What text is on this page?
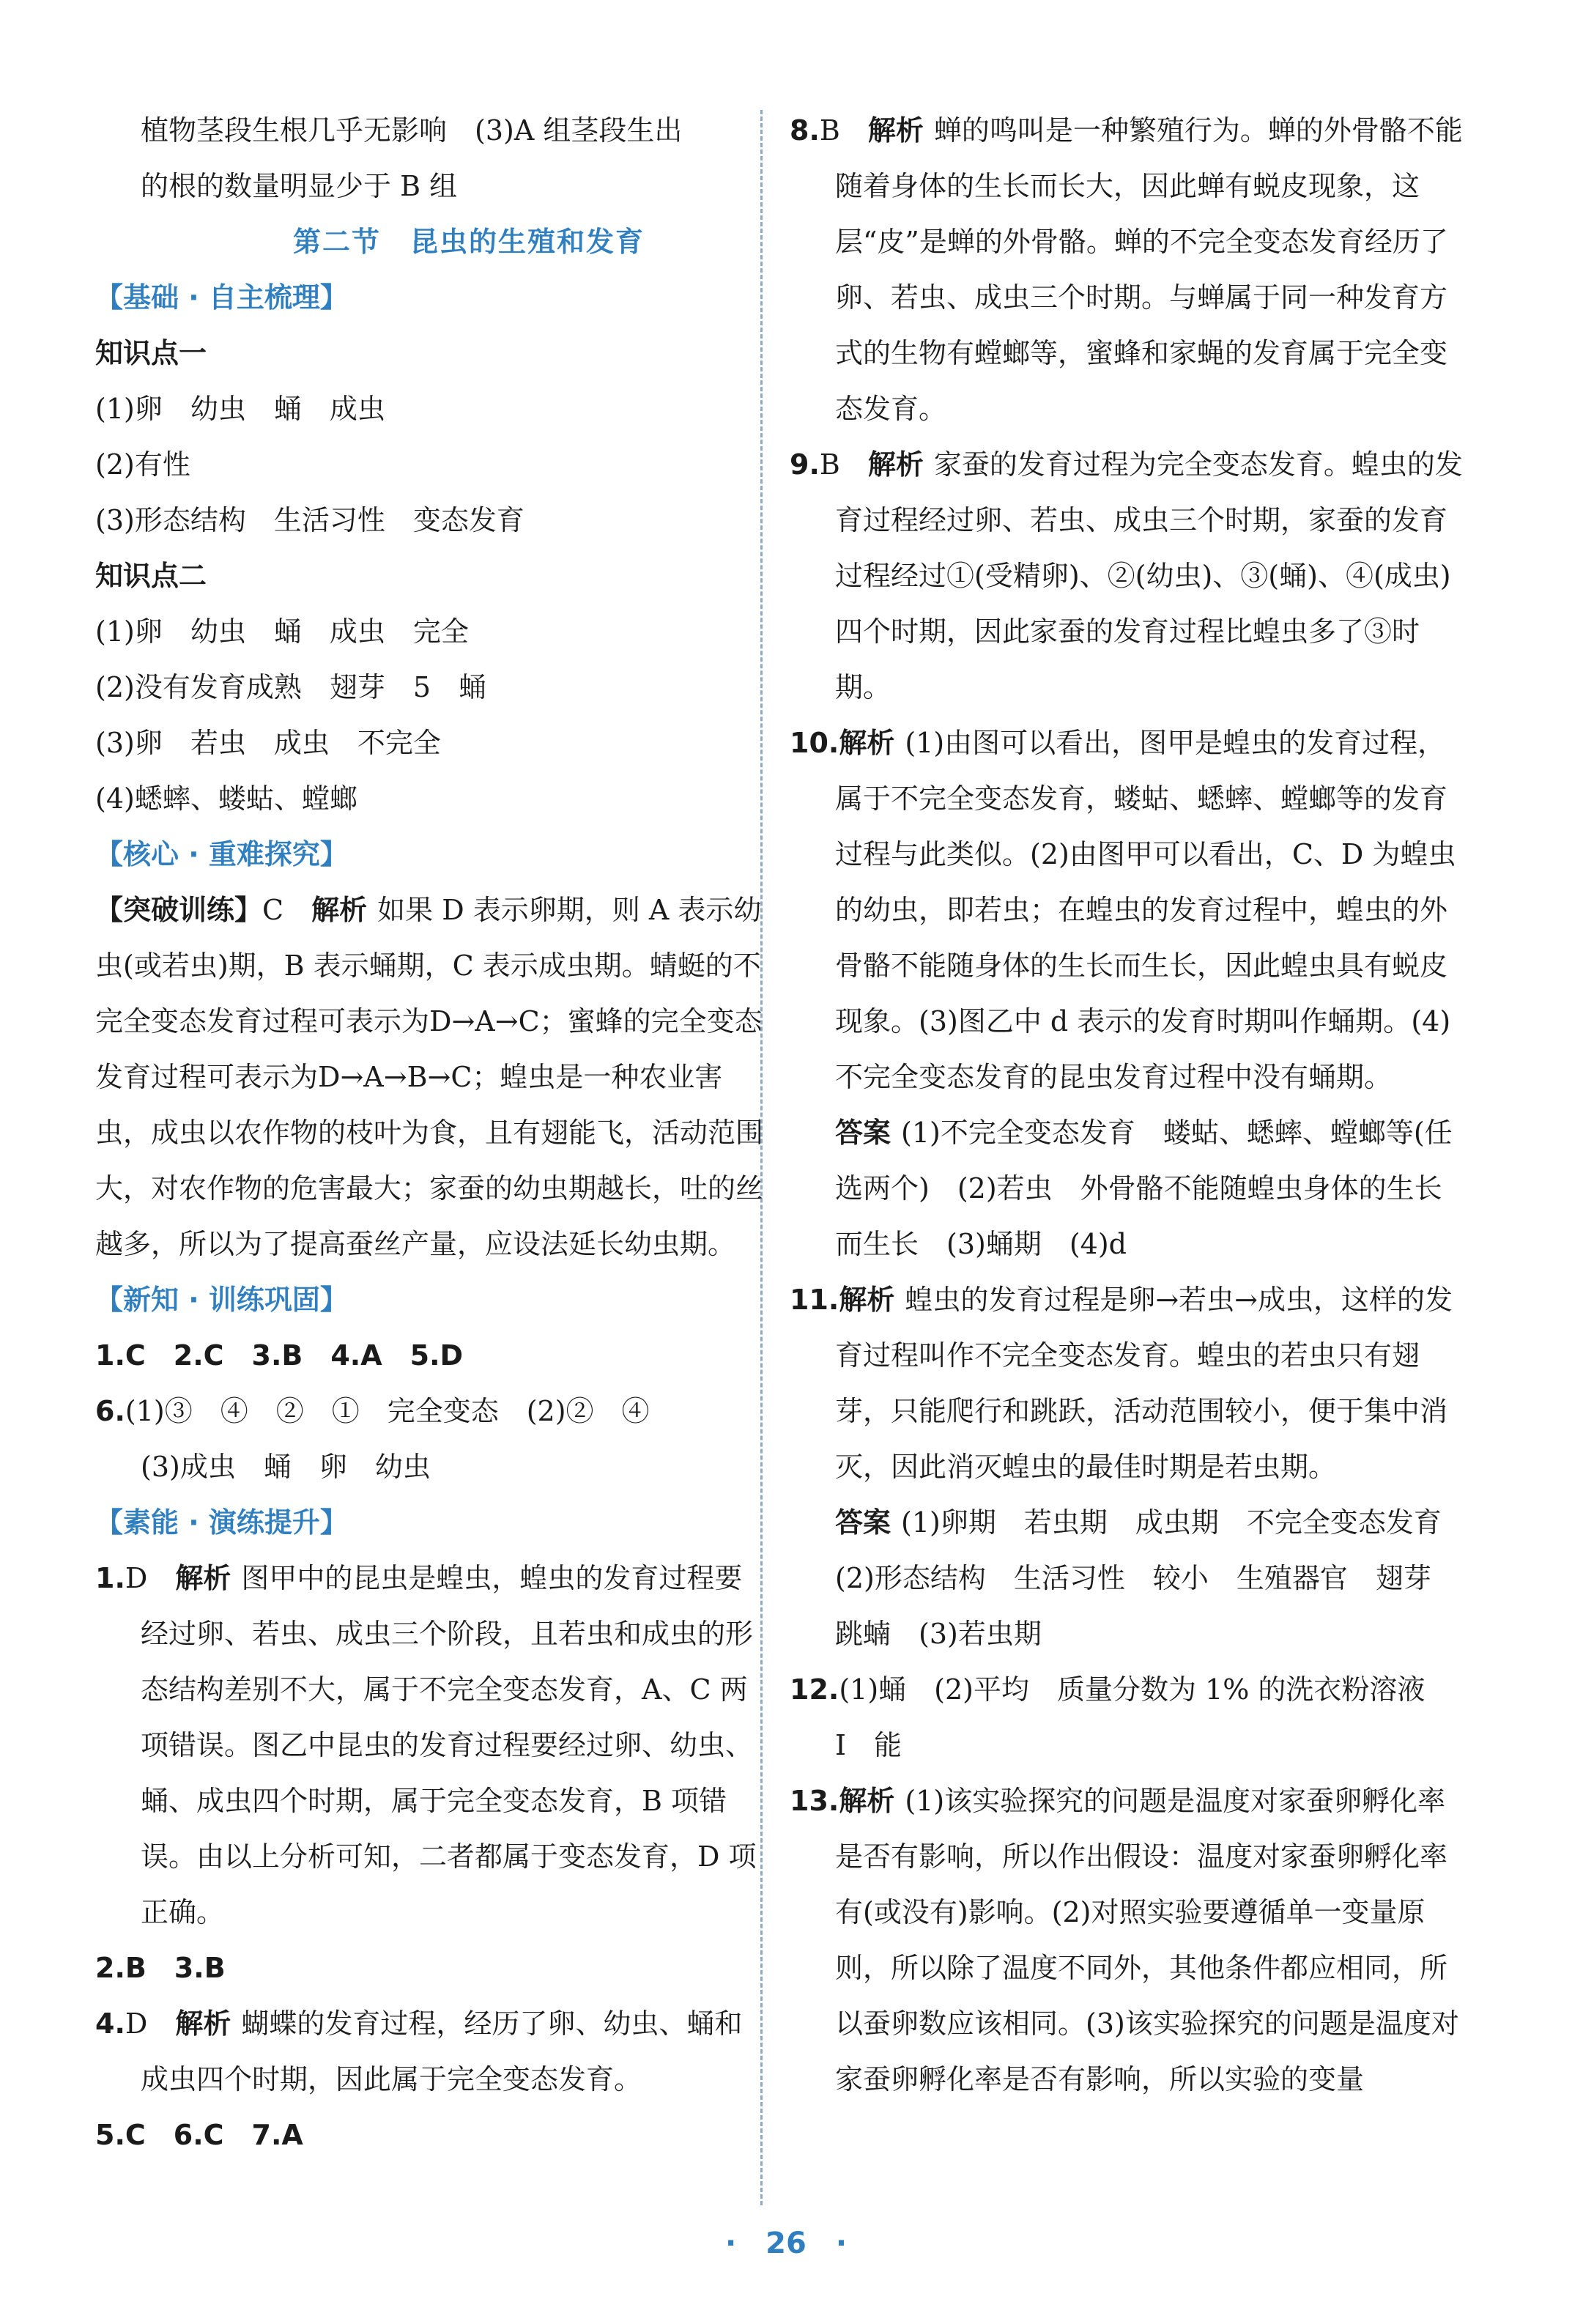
植物茎段生根几乎无影响　(3)A 组茎段生出

的根的数量明显少于 B 组

第二节　昆虫的生殖和发育

【基础 · 自主梳理】

知识点一

(1)卵　幼虫　蛹　成虫

(2)有性

(3)形态结构　生活习性　变态发育

知识点二

(1)卵　幼虫　蛹　成虫　完全

(2)没有发育成熟　翅芽　5　蛹

(3)卵　若虫　成虫　不完全

(4)蟋蟀、蝼蛄、螳螂

【核心 · 重难探究】

【突破训练】C　 解析 如果 D 表示卵期，则 A 表示幼虫(或若虫)期，B 表示蛹期，C 表示成虫期。蜻蜓的不完全变态发育过程可表示为D→A→C；蜜蜂的完全变态发育过程可表示为D→A→B→C；蝗虫是一种农业害虫，成虫以农作物的枝叶为食，且有翅能飞，活动范围大，对农作物的危害最大；家蚕的幼虫期越长，吐的丝越多，所以为了提高蚕丝产量，应设法延长幼虫期。

【新知 · 训练巩固】

1.C　2.C　3.B　4.A　5.D

6.(1)③　④　②　①　完全变态　(2)②　④
(3)成虫　蛹　卵　幼虫

【素能 · 演练提升】

1.D　 解析 图甲中的昆虫是蝗虫，蝗虫的发育过程要经过卵、若虫、成虫三个阶段，且若虫和成虫的形态结构差别不大，属于不完全变态发育，A、C 两项错误。图乙中昆虫的发育过程要经过卵、幼虫、蛹、成虫四个时期，属于完全变态发育，B 项错误。由以上分析可知，二者都属于变态发育，D 项正确。

2.B　3.B

4.D　 解析 蝴蝶的发育过程，经历了卵、幼虫、蛹和成虫四个时期，因此属于完全变态发育。

5.C　6.C　7.A

8.B　 解析 蝉的鸣叫是一种繁殖行为。蝉的外骨骼不能随着身体的生长而长大，因此蝉有蜕皮现象，这层“皮”是蝉的外骨骼。蝉的不完全变态发育经历了卵、若虫、成虫三个时期。与蝉属于同一种发育方式的生物有螳螂等，蜜蜂和家蝇的发育属于完全变态发育。

9.B　 解析 家蚕的发育过程为完全变态发育。蝗虫的发育过程经过卵、若虫、成虫三个时期，家蚕的发育过程经过①(受精卵)、②(幼虫)、③(蛹)、④(成虫)四个时期，因此家蚕的发育过程比蝗虫多了③时期。

10.解析 (1)由图可以看出，图甲是蝗虫的发育过程，属于不完全变态发育，蝼蛄、蟋蟀、螳螂等的发育过程与此类似。(2)由图甲可以看出，C、D 为蝗虫的幼虫，即若虫；在蝗虫的发育过程中，蝗虫的外骨骼不能随身体的生长而生长，因此蝗虫具有蜕皮现象。(3)图乙中 d 表示的发育时期叫作蛹期。(4)不完全变态发育的昆虫发育过程中没有蛹期。

答案 (1)不完全变态发育　蝼蛄、蟋蟀、螳螂等(任选两个)　(2)若虫　外骨骼不能随蝗虫身体的生长而生长　(3)蛹期　(4)d

11.解析 蝗虫的发育过程是卵→若虫→成虫，这样的发育过程叫作不完全变态发育。蝗虫的若虫只有翅芽，只能爬行和跳跃，活动范围较小，便于集中消灭，因此消灭蝗虫的最佳时期是若虫期。

答案 (1)卵期　若虫期　成虫期　不完全变态发育　(2)形态结构　生活习性　较小　生殖器官　翅芽　跳蝻　(3)若虫期

12.(1)蛹　(2)平均　质量分数为 1% 的洗衣粉溶液　Ⅰ　能

13.解析 (1)该实验探究的问题是温度对家蚕卵孵化率是否有影响，所以作出假设：温度对家蚕卵孵化率有(或没有)影响。(2)对照实验要遵循单一变量原则，所以除了温度不同外，其他条件都应相同，所以蚕卵数应该相同。(3)该实验探究的问题是温度对家蚕卵孵化率是否有影响，所以实验的变量

·　26　·
